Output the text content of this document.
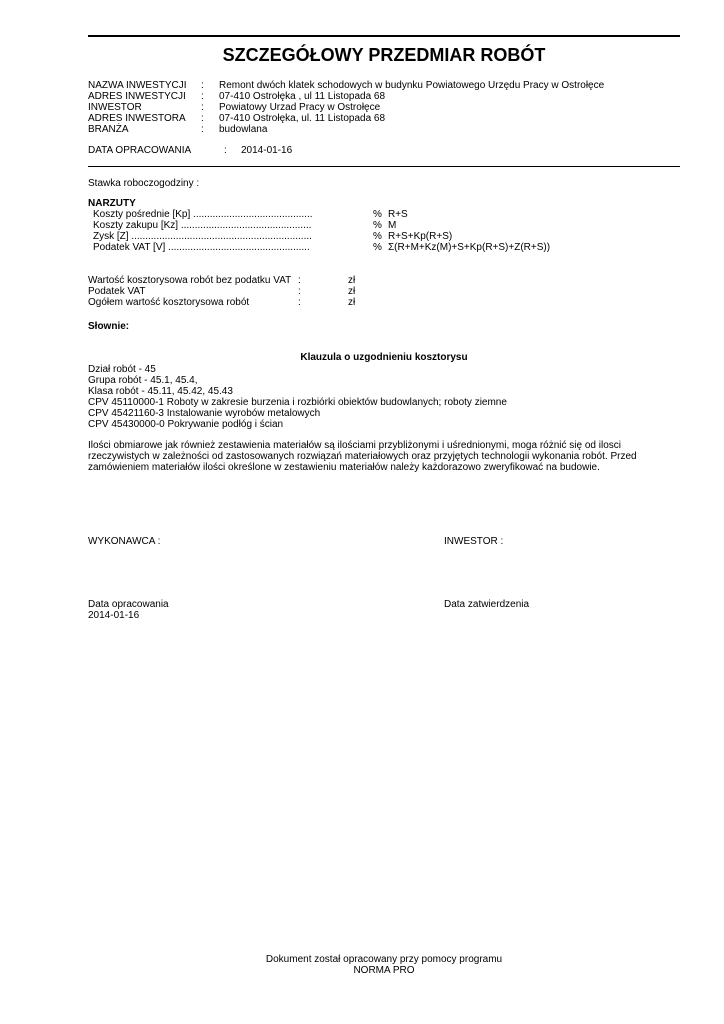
SZCZEGÓŁOWY PRZEDMIAR ROBÓT
NAZWA INWESTYCJI : Remont dwóch klatek schodowych w budynku Powiatowego Urzędu Pracy w Ostrołęce
ADRES INWESTYCJI : 07-410 Ostrołęka , ul 11 Listopada 68
INWESTOR	: Powiatowy Urzad Pracy w Ostrołęce
ADRES INWESTORA : 07-410 Ostrołęka, ul. 11 Listopada 68
BRANŻA	: budowlana
DATA OPRACOWANIA	: 2014-01-16
Stawka roboczogodziny :
NARZUTY
Koszty pośrednie [Kp] ...........................................	% R+S
Koszty zakupu [Kz] ...............................................	% M
Zysk [Z] .................................................................	% R+S+Kp(R+S)
Podatek VAT [V] ...................................................	% Σ(R+M+Kz(M)+S+Kp(R+S)+Z(R+S))
Wartość kosztorysowa robót bez podatku VAT :	zł
Podatek VAT	:	zł
Ogółem wartość kosztorysowa robót	:	zł
Słownie:
Klauzula o uzgodnieniu kosztorysu
Dział robót - 45
Grupa robót - 45.1, 45.4,
Klasa robót - 45.11, 45.42, 45.43
CPV 45110000-1 Roboty w zakresie burzenia i rozbiórki obiektów budowlanych; roboty ziemne
CPV 45421160-3 Instalowanie wyrobów metalowych
CPV 45430000-0 Pokrywanie podłóg i ścian
Ilości obmiarowe jak również zestawienia materiałów są ilościami przybliżonymi i uśrednionymi, moga różnić się od ilosci rzeczywistych w zależności od zastosowanych rozwiązań materiałowych oraz przyjętych technologii wykonania robót. Przed zamówieniem materiałów ilości określone w zestawieniu materiałów należy każdorazowo zweryfikować na budowie.
WYKONAWCA :	INWESTOR :
Data opracowania
2014-01-16
Data zatwierdzenia
Dokument został opracowany przy pomocy programu
NORMA PRO
